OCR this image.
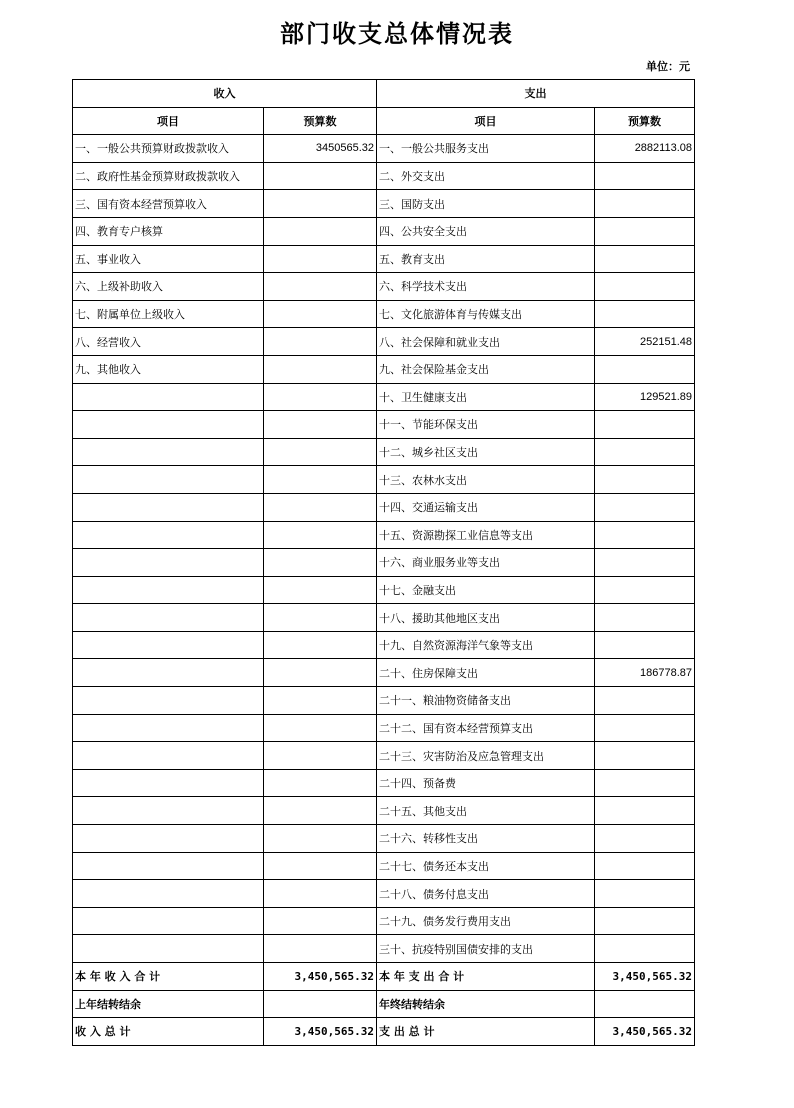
部门收支总体情况表
单位：元
收入		支出	
项目	预算数	项目	预算数
一、一般公共预算财政拨款收入	3450565.32	一、一般公共服务支出	2882113.08
二、政府性基金预算财政拨款收入		二、外交支出	
三、国有资本经营预算收入		三、国防支出	
四、教育专户核算		四、公共安全支出	
五、事业收入		五、教育支出	
六、上级补助收入		六、科学技术支出	
七、附属单位上级收入		七、文化旅游体育与传媒支出	
八、经营收入		八、社会保障和就业支出	252151.48
九、其他收入		九、社会保险基金支出	
		十、卫生健康支出	129521.89
		十一、节能环保支出	
		十二、城乡社区支出	
		十三、农林水支出	
		十四、交通运输支出	
		十五、资源勘探工业信息等支出	
		十六、商业服务业等支出	
		十七、金融支出	
		十八、援助其他地区支出	
		十九、自然资源海洋气象等支出	
		二十、住房保障支出	186778.87
		二十一、粮油物资储备支出	
		二十二、国有资本经营预算支出	
		二十三、灾害防治及应急管理支出	
		二十四、预备费	
		二十五、其他支出	
		二十六、转移性支出	
		二十七、债务还本支出	
		二十八、债务付息支出	
		二十九、债务发行费用支出	
		三十、抗疫特别国债安排的支出	
本 年 收 入 合 计	3,450,565.32	本 年 支 出 合 计	3,450,565.32
上年结转结余		年终结转结余	
收 入 总 计	3,450,565.32	支 出 总 计	3,450,565.32
